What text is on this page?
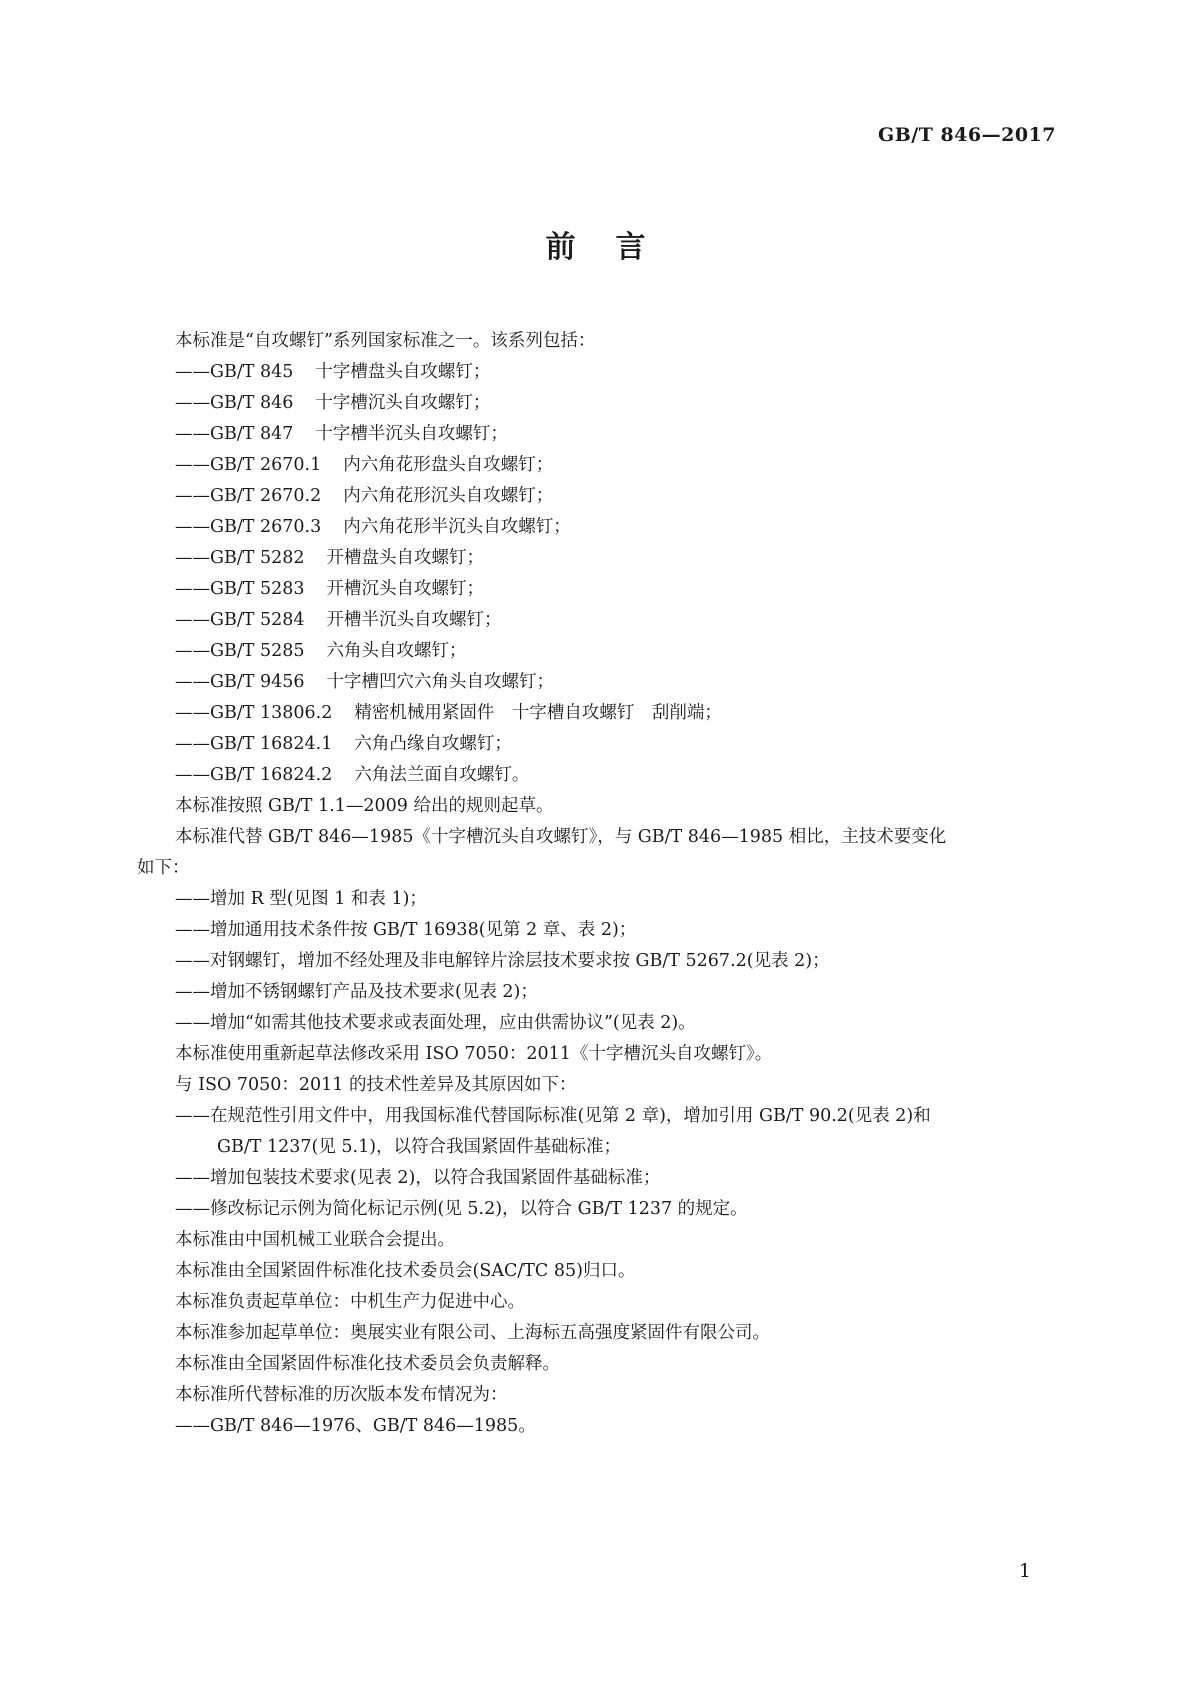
GB/T 846—2017
前言
本标准是“自攻螺钉”系列国家标准之一。该系列包括：
——GB/T 845 十字槽盘头自攻螺钉；
——GB/T 846 十字槽沉头自攻螺钉；
——GB/T 847 十字槽半沉头自攻螺钉；
——GB/T 2670.1 内六角花形盘头自攻螺钉；
——GB/T 2670.2 内六角花形沉头自攻螺钉；
——GB/T 2670.3 内六角花形半沉头自攻螺钉；
——GB/T 5282 开槽盘头自攻螺钉；
——GB/T 5283 开槽沉头自攻螺钉；
——GB/T 5284 开槽半沉头自攻螺钉；
——GB/T 5285 六角头自攻螺钉；
——GB/T 9456 十字槽凹穴六角头自攻螺钉；
——GB/T 13806.2 精密机械用紧固件　十字槽自攻螺钉　刮削端；
——GB/T 16824.1 六角凸缘自攻螺钉；
——GB/T 16824.2 六角法兰面自攻螺钉。
本标准按照 GB/T 1.1—2009 给出的规则起草。
本标准代替 GB/T 846—1985《十字槽沉头自攻螺钉》，与 GB/T 846—1985 相比，主技术要变化
如下：
——增加 R 型(见图 1 和表 1)；
——增加通用技术条件按 GB/T 16938(见第 2 章、表 2)；
——对钢螺钉，增加不经处理及非电解锌片涂层技术要求按 GB/T 5267.2(见表 2)；
——增加不锈钢螺钉产品及技术要求(见表 2)；
——增加“如需其他技术要求或表面处理，应由供需协议”(见表 2)。
本标准使用重新起草法修改采用 ISO 7050：2011《十字槽沉头自攻螺钉》。
与 ISO 7050：2011 的技术性差异及其原因如下：
——在规范性引用文件中，用我国标准代替国际标准(见第 2 章)，增加引用 GB/T 90.2(见表 2)和
GB/T 1237(见 5.1)，以符合我国紧固件基础标准；
——增加包装技术要求(见表 2)，以符合我国紧固件基础标准；
——修改标记示例为简化标记示例(见 5.2)，以符合 GB/T 1237 的规定。
本标准由中国机械工业联合会提出。
本标准由全国紧固件标准化技术委员会(SAC/TC 85)归口。
本标准负责起草单位：中机生产力促进中心。
本标准参加起草单位：奥展实业有限公司、上海标五高强度紧固件有限公司。
本标准由全国紧固件标准化技术委员会负责解释。
本标准所代替标准的历次版本发布情况为：
——GB/T 846—1976、GB/T 846—1985。
1
